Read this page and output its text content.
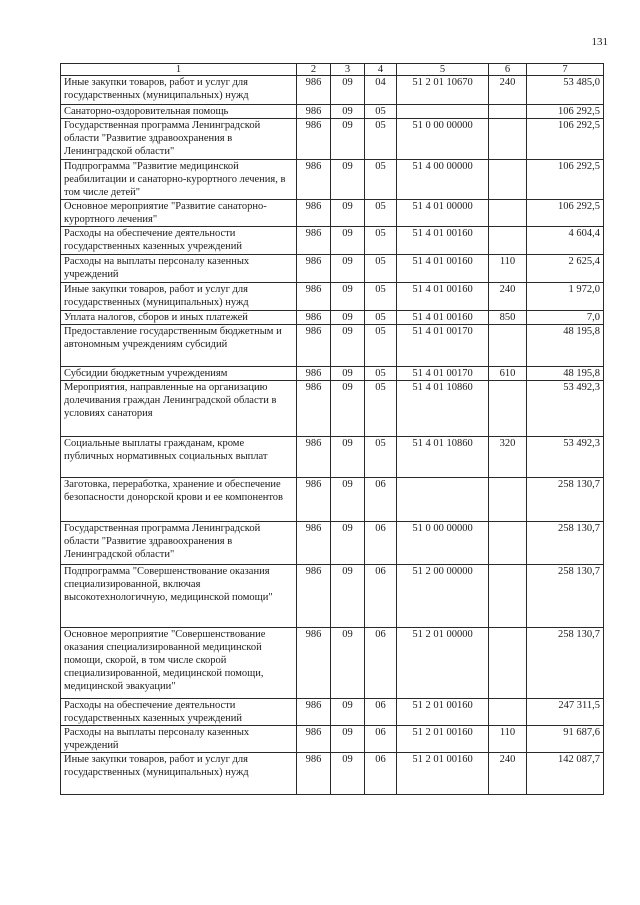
131
1	2	3	4	5	6	7
Иные закупки товаров, работ и услуг для государственных (муниципальных) нужд	986	09	04	51 2 01 10670	240	53 485,0
Санаторно-оздоровительная помощь	986	09	05			106 292,5
Государственная программа Ленинградской области "Развитие здравоохранения в Ленинградской области"	986	09	05	51 0 00 00000		106 292,5
Подпрограмма "Развитие медицинской реабилитации и санаторно-курортного лечения, в том числе детей"	986	09	05	51 4 00 00000		106 292,5
Основное мероприятие "Развитие санаторно-курортного лечения"	986	09	05	51 4 01 00000		106 292,5
Расходы на обеспечение деятельности государственных казенных учреждений	986	09	05	51 4 01 00160		4 604,4
Расходы на выплаты персоналу казенных учреждений	986	09	05	51 4 01 00160	110	2 625,4
Иные закупки товаров, работ и услуг для государственных (муниципальных) нужд	986	09	05	51 4 01 00160	240	1 972,0
Уплата налогов, сборов и иных платежей	986	09	05	51 4 01 00160	850	7,0
Предоставление государственным бюджетным и автономным учреждениям субсидий	986	09	05	51 4 01 00170		48 195,8
Субсидии бюджетным учреждениям	986	09	05	51 4 01 00170	610	48 195,8
Мероприятия, направленные на организацию долечивания граждан Ленинградской области в условиях санатория	986	09	05	51 4 01 10860		53 492,3
Социальные выплаты гражданам, кроме публичных нормативных социальных выплат	986	09	05	51 4 01 10860	320	53 492,3
Заготовка, переработка, хранение и обеспечение безопасности донорской крови и ее компонентов	986	09	06			258 130,7
Государственная программа Ленинградской области "Развитие здравоохранения в Ленинградской области"	986	09	06	51 0 00 00000		258 130,7
Подпрограмма "Совершенствование оказания специализированной, включая высокотехнологичную, медицинской помощи"	986	09	06	51 2 00 00000		258 130,7
Основное мероприятие "Совершенствование оказания специализированной медицинской помощи, скорой, в том числе скорой специализированной, медицинской помощи, медицинской эвакуации"	986	09	06	51 2 01 00000		258 130,7
Расходы на обеспечение деятельности государственных казенных учреждений	986	09	06	51 2 01 00160		247 311,5
Расходы на выплаты персоналу казенных учреждений	986	09	06	51 2 01 00160	110	91 687,6
Иные закупки товаров, работ и услуг для государственных (муниципальных) нужд	986	09	06	51 2 01 00160	240	142 087,7
